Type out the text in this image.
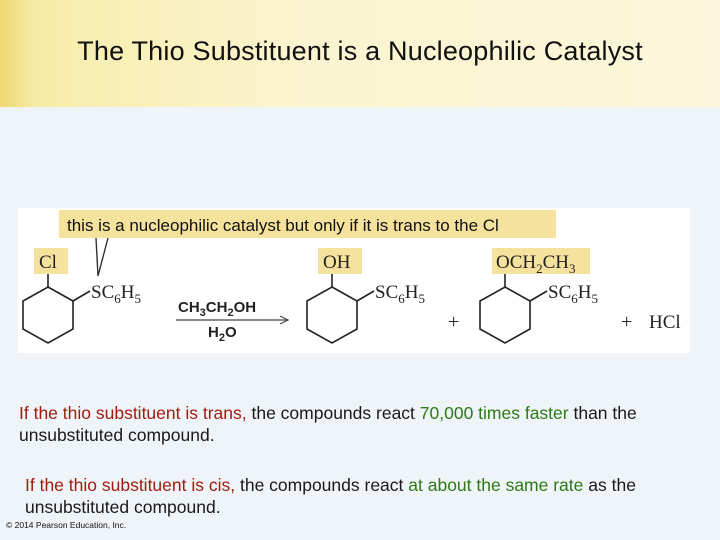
The Thio Substituent is a Nucleophilic Catalyst
this is a nucleophilic catalyst but only if it is trans to the Cl
Cl
$SC_6H_5$
$CH_3CH_2OH$
$H_2O$
OH
$SC_6H_5$
+
$OCH_2CH_3$
$SC_6H_5$
+ HCl
If the thio substituent is trans, the compounds react 70,000 times faster than the unsubstituted compound.
If the thio substituent is cis, the compounds react at about the same rate as the unsubstituted compound.
© 2014 Pearson Education, Inc.
